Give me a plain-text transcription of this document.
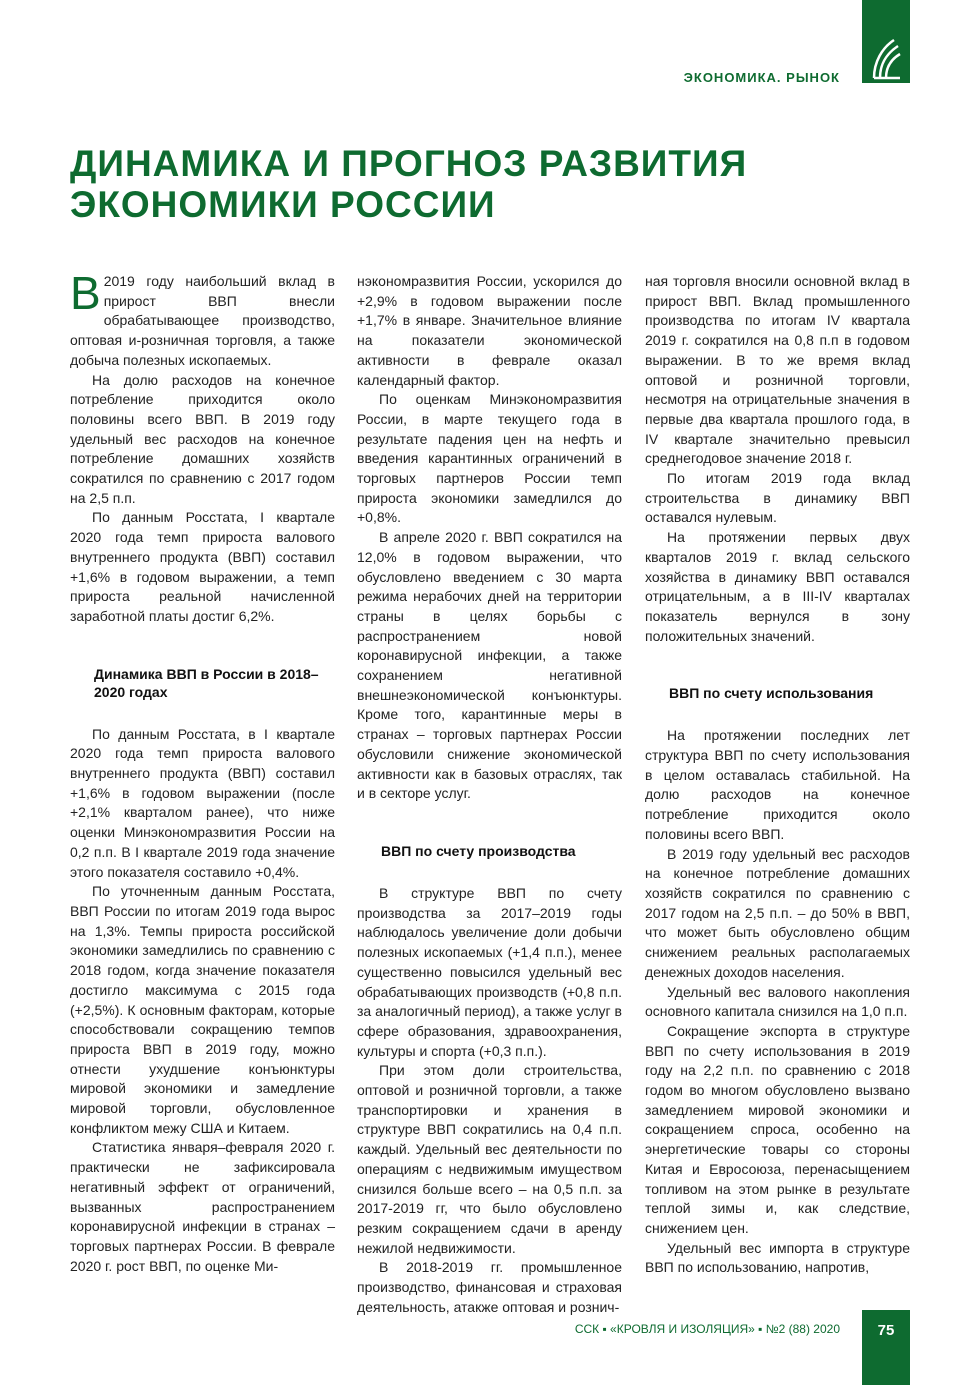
ЭКОНОМИКА. РЫНОК
ДИНАМИКА И ПРОГНОЗ РАЗВИТИЯ
ЭКОНОМИКИ РОССИИ

В 2019 году наибольший вклад в прирост ВВП внесли обрабатывающее производство, оптовая и-розничная торговля, а также добыча полезных ископаемых.

На долю расходов на конечное потребление приходится около половины всего ВВП. В 2019 году удельный вес расходов на конечное потребление домашних хозяйств сократился по сравнению с 2017 годом на 2,5 п.п.

По данным Росстата, I квартале 2020 года темп прироста валового внутреннего продукта (ВВП) составил +1,6% в годовом выражении, а темп прироста реальной начисленной заработной платы достиг 6,2%.

Динамика ВВП в России в 2018–2020 годах

По данным Росстата, в I квартале 2020 года темп прироста валового внутреннего продукта (ВВП) составил +1,6% в годовом выражении (после +2,1% кварталом ранее), что ниже оценки Минэкономразвития России на 0,2 п.п. В I квартале 2019 года значение этого показателя составило +0,4%.

По уточненным данным Росстата, ВВП России по итогам 2019 года вырос на 1,3%. Темпы прироста российской экономики замедлились по сравнению с 2018 годом, когда значение показателя достигло максимума с 2015 года (+2,5%). К основным факторам, которые способствовали сокращению темпов прироста ВВП в 2019 году, можно отнести ухудшение конъюнктуры мировой экономики и замедление мировой торговли, обусловленное конфликтом межу США и Китаем.

Статистика января–февраля 2020 г. практически не зафиксировала негативный эффект от ограничений, вызванных распространением коронавирусной инфекции в странах – торговых партнерах России. В феврале 2020 г. рост ВВП, по оценке Ми-

нэкономразвития России, ускорился до +2,9% в годовом выражении после +1,7% в январе. Значительное влияние на показатели экономической активности в феврале оказал календарный фактор.

По оценкам Минэкономразвития России, в марте текущего года в результате падения цен на нефть и введения карантинных ограничений в торговых партнеров России темп прироста экономики замедлился до +0,8%.

В апреле 2020 г. ВВП сократился на 12,0% в годовом выражении, что обусловлено введением с 30 марта режима нерабочих дней на территории страны в целях борьбы с распространением новой коронавирусной инфекции, а также сохранением негативной внешнеэкономической конъюнктуры. Кроме того, карантинные меры в странах – торговых партнерах России обусловили снижение экономической активности как в базовых отраслях, так и в секторе услуг.

ВВП по счету производства

В структуре ВВП по счету производства за 2017–2019 годы наблюдалось увеличение доли добычи полезных ископаемых (+1,4 п.п.), менее существенно повысился удельный вес обрабатывающих производств (+0,8 п.п. за аналогичный период), а также услуг в сфере образования, здравоохранения, культуры и спорта (+0,3 п.п.).

При этом доли строительства, оптовой и розничной торговли, а также транспортировки и хранения в структуре ВВП сократились на 0,4 п.п. каждый. Удельный вес деятельности по операциям с недвижимым имуществом снизился больше всего – на 0,5 п.п. за 2017-2019 гг, что было обусловлено резким сокращением сдачи в аренду нежилой недвижимости.

В 2018-2019 гг. промышленное производство, финансовая и страховая деятельность, атакже оптовая и рознич-

ная торговля вносили основной вклад в прирост ВВП. Вклад промышленного производства по итогам IV квартала 2019 г. сократился на 0,8 п.п в годовом выражении. В то же время вклад оптовой и розничной торговли, несмотря на отрицательные значения в первые два квартала прошлого года, в IV квартале значительно превысил среднегодовое значение 2018 г.

По итогам 2019 года вклад строительства в динамику ВВП оставался нулевым.

На протяжении первых двух кварталов 2019 г. вклад сельского хозяйства в динамику ВВП оставался отрицательным, а в III-IV кварталах показатель вернулся в зону положительных значений.

ВВП по счету использования

На протяжении последних лет структура ВВП по счету использования в целом оставалась стабильной. На долю расходов на конечное потребление приходится около половины всего ВВП.

В 2019 году удельный вес расходов на конечное потребление домашних хозяйств сократился по сравнению с 2017 годом на 2,5 п.п. – до 50% в ВВП, что может быть обусловлено общим снижением реальных располагаемых денежных доходов населения.

Удельный вес валового накопления основного капитала снизился на 1,0 п.п.

Сокращение экспорта в структуре ВВП по счету использования в 2019 году на 2,2 п.п. по сравнению с 2018 годом во многом обусловлено вызвано замедлением мировой экономики и сокращением спроса, особенно на энергетические товары со стороны Китая и Евросоюза, перенасыщением топливом на этом рынке в результате теплой зимы и, как следствие, снижением цен.

Удельный вес импорта в структуре ВВП по использованию, напротив,

ССК ▪ «КРОВЛЯ И ИЗОЛЯЦИЯ» ▪ №2 (88) 2020	75
